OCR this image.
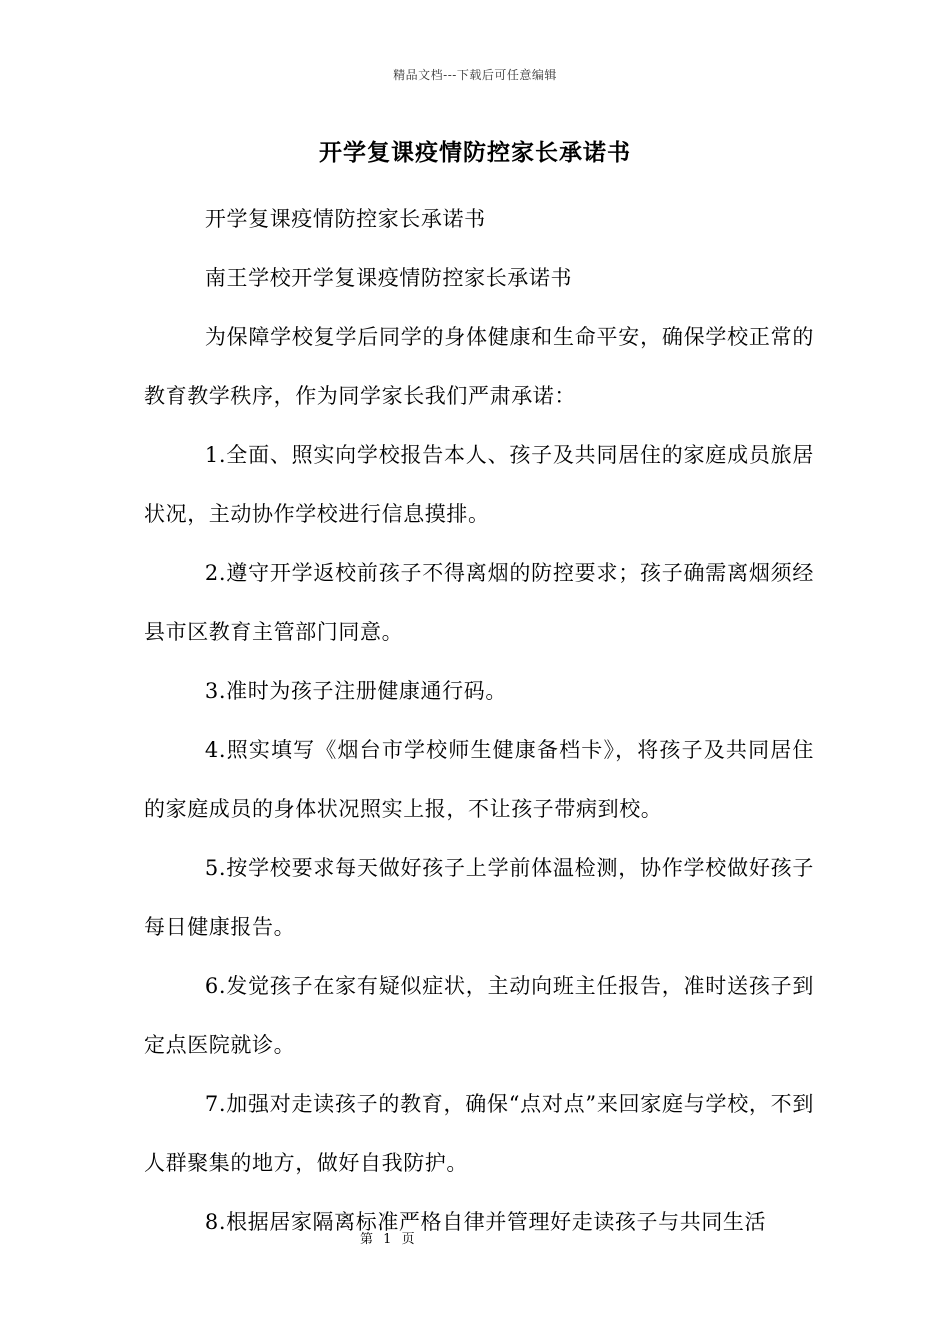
精品文档---下载后可任意编辑
开学复课疫情防控家长承诺书

开学复课疫情防控家长承诺书

南王学校开学复课疫情防控家长承诺书

为保障学校复学后同学的身体健康和生命平安，确保学校正常的教育教学秩序，作为同学家长我们严肃承诺：

1.全面、照实向学校报告本人、孩子及共同居住的家庭成员旅居状况，主动协作学校进行信息摸排。

2.遵守开学返校前孩子不得离烟的防控要求；孩子确需离烟须经县市区教育主管部门同意。

3.准时为孩子注册健康通行码。

4.照实填写《烟台市学校师生健康备档卡》，将孩子及共同居住的家庭成员的身体状况照实上报，不让孩子带病到校。

5.按学校要求每天做好孩子上学前体温检测，协作学校做好孩子每日健康报告。

6.发觉孩子在家有疑似症状，主动向班主任报告，准时送孩子到定点医院就诊。

7.加强对走读孩子的教育，确保“点对点”来回家庭与学校，不到人群聚集的地方，做好自我防护。

8.根据居家隔离标准严格自律并管理好走读孩子与共同生活

第 1 页
